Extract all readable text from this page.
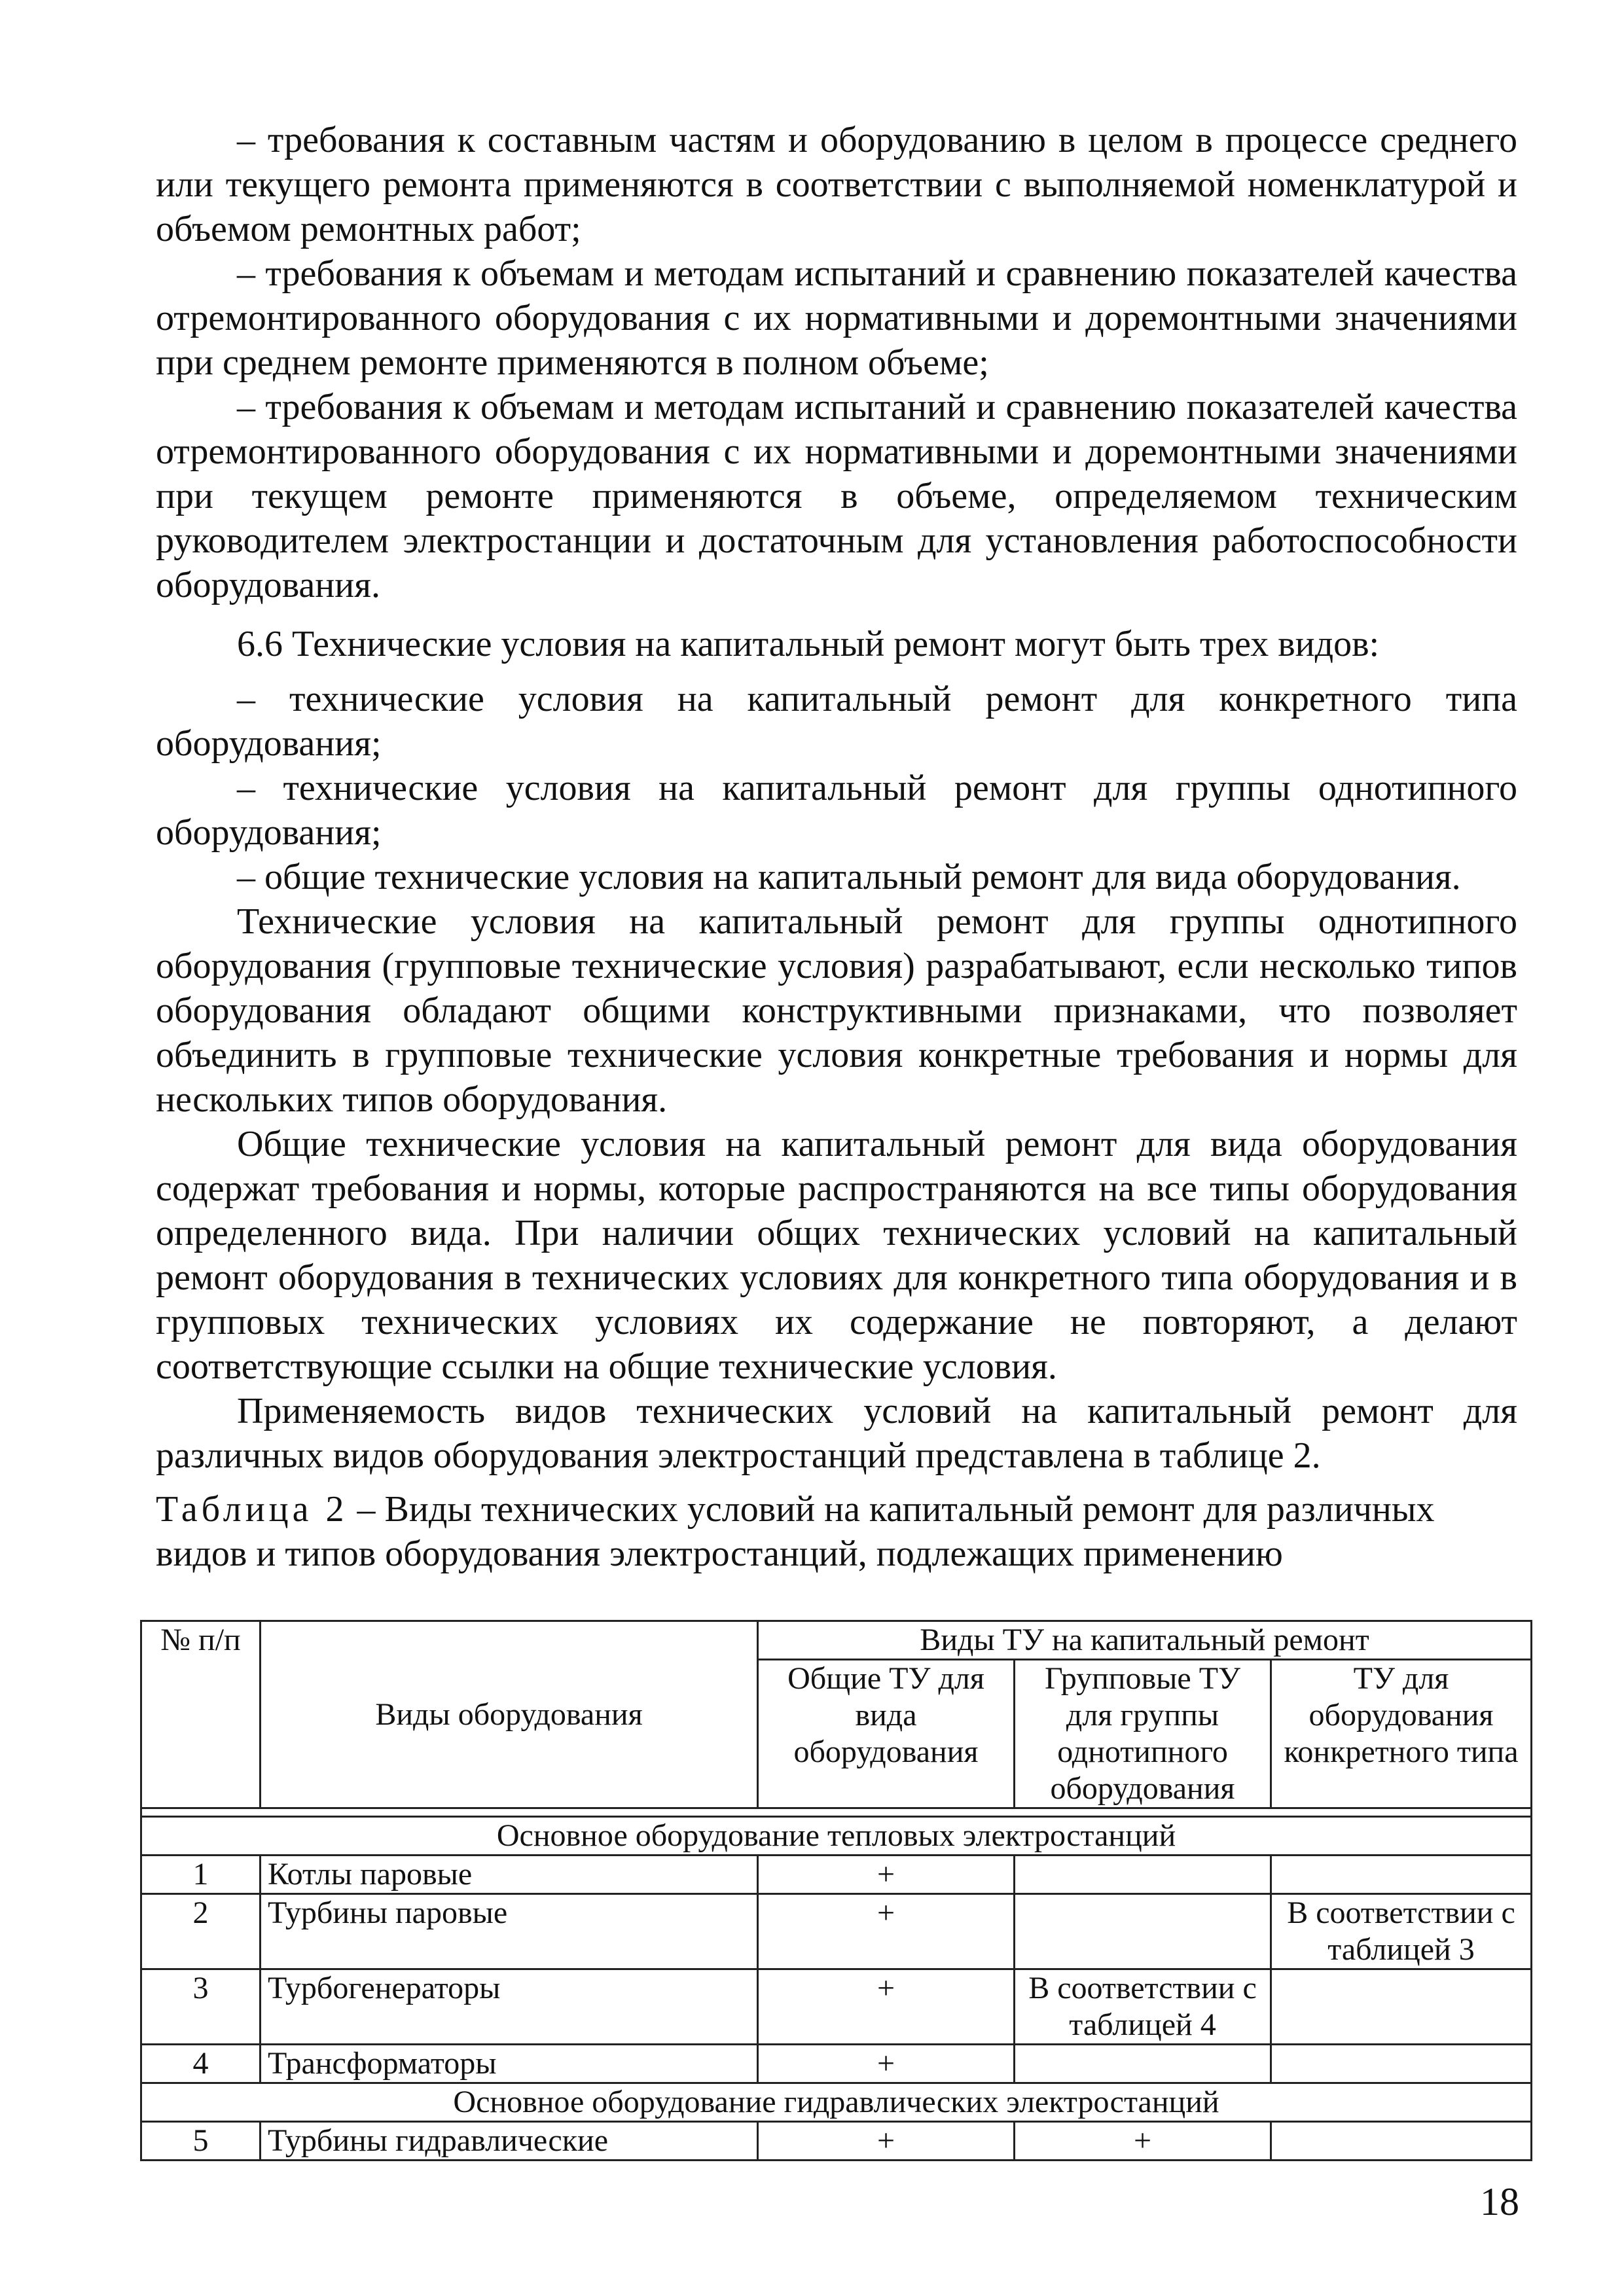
– требования к составным частям и оборудованию в целом в процессе среднего или текущего ремонта применяются в соответствии с выполняемой номенклатурой и объемом ремонтных работ;

– требования к объемам и методам испытаний и сравнению показателей качества отремонтированного оборудования с их нормативными и доремонтными значениями при среднем ремонте применяются в полном объеме;

– требования к объемам и методам испытаний и сравнению показателей качества отремонтированного оборудования с их нормативными и доремонтными значениями при текущем ремонте применяются в объеме, определяемом техническим руководителем электростанции и достаточным для установления работоспособности оборудования.

6.6 Технические условия на капитальный ремонт могут быть трех видов:

– технические условия на капитальный ремонт для конкретного типа оборудования;

– технические условия на капитальный ремонт для группы однотипного оборудования;

– общие технические условия на капитальный ремонт для вида оборудования.

Технические условия на капитальный ремонт для группы однотипного оборудования (групповые технические условия) разрабатывают, если несколько типов оборудования обладают общими конструктивными признаками, что позволяет объединить в групповые технические условия конкретные требования и нормы для нескольких типов оборудования.

Общие технические условия на капитальный ремонт для вида оборудования содержат требования и нормы, которые распространяются на все типы оборудования определенного вида. При наличии общих технических условий на капитальный ремонт оборудования в технических условиях для конкретного типа оборудования и в групповых технических условиях их содержание не повторяют, а делают соответствующие ссылки на общие технические условия.

Применяемость видов технических условий на капитальный ремонт для различных видов оборудования электростанций представлена в таблице 2.

Таблица 2 – Виды технических условий на капитальный ремонт для различных видов и типов оборудования электростанций, подлежащих применению

№ п/п	Виды оборудования	Виды ТУ на капитальный ремонт		
		Общие ТУ для вида оборудования	Групповые ТУ для группы однотипного оборудования	ТУ для оборудования конкретного типа

Основное оборудование тепловых электростанций				
1	Котлы паровые	+		
2	Турбины паровые	+		В соответствии с таблицей 3
3	Турбогенераторы	+	В соответствии с таблицей 4	
4	Трансформаторы	+		
Основное оборудование гидравлических электростанций				
5	Турбины гидравлические	+	+	
18
